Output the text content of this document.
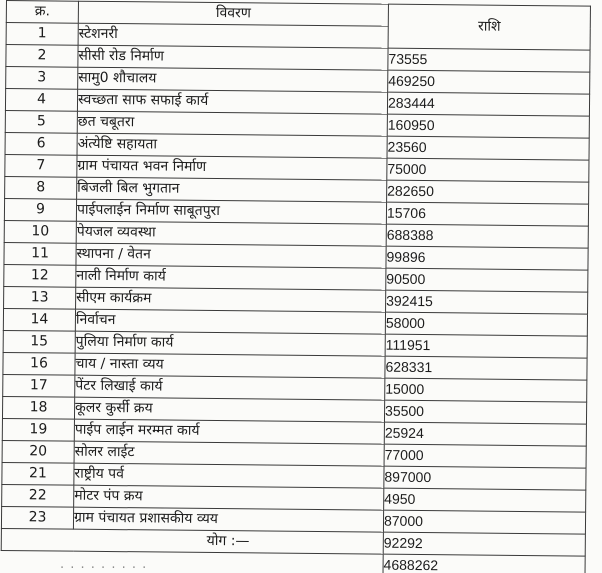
क्र.	विवरण	राशि
1	स्टेशनरी	
2	सीसी रोड निर्माण	73555
3	सामु0 शौचालय	469250
4	स्वच्छता साफ सफाई कार्य	283444
5	छत चबूतरा	160950
6	अंत्येष्टि सहायता	23560
7	ग्राम पंचायत भवन निर्माण	75000
8	बिजली बिल भुगतान	282650
9	पाईपलाईन निर्माण साबूतपुरा	15706
10	पेयजल व्यवस्था	688388
11	स्थापना / वेतन	99896
12	नाली निर्माण कार्य	90500
13	सीएम कार्यक्रम	392415
14	निर्वाचन	58000
15	पुलिया निर्माण कार्य	111951
16	चाय / नास्ता व्यय	628331
17	पेंटर लिखाई कार्य	15000
18	कूलर कुर्सी क्रय	35500
19	पाईप लाईन मरम्मत कार्य	25924
20	सोलर लाईट	77000
21	राष्ट्रीय पर्व	897000
22	मोटर पंप क्रय	4950
23	ग्राम पंचायत प्रशासकीय व्यय	87000
	योग :—	92292
		4688262
. . . . . . . . .
